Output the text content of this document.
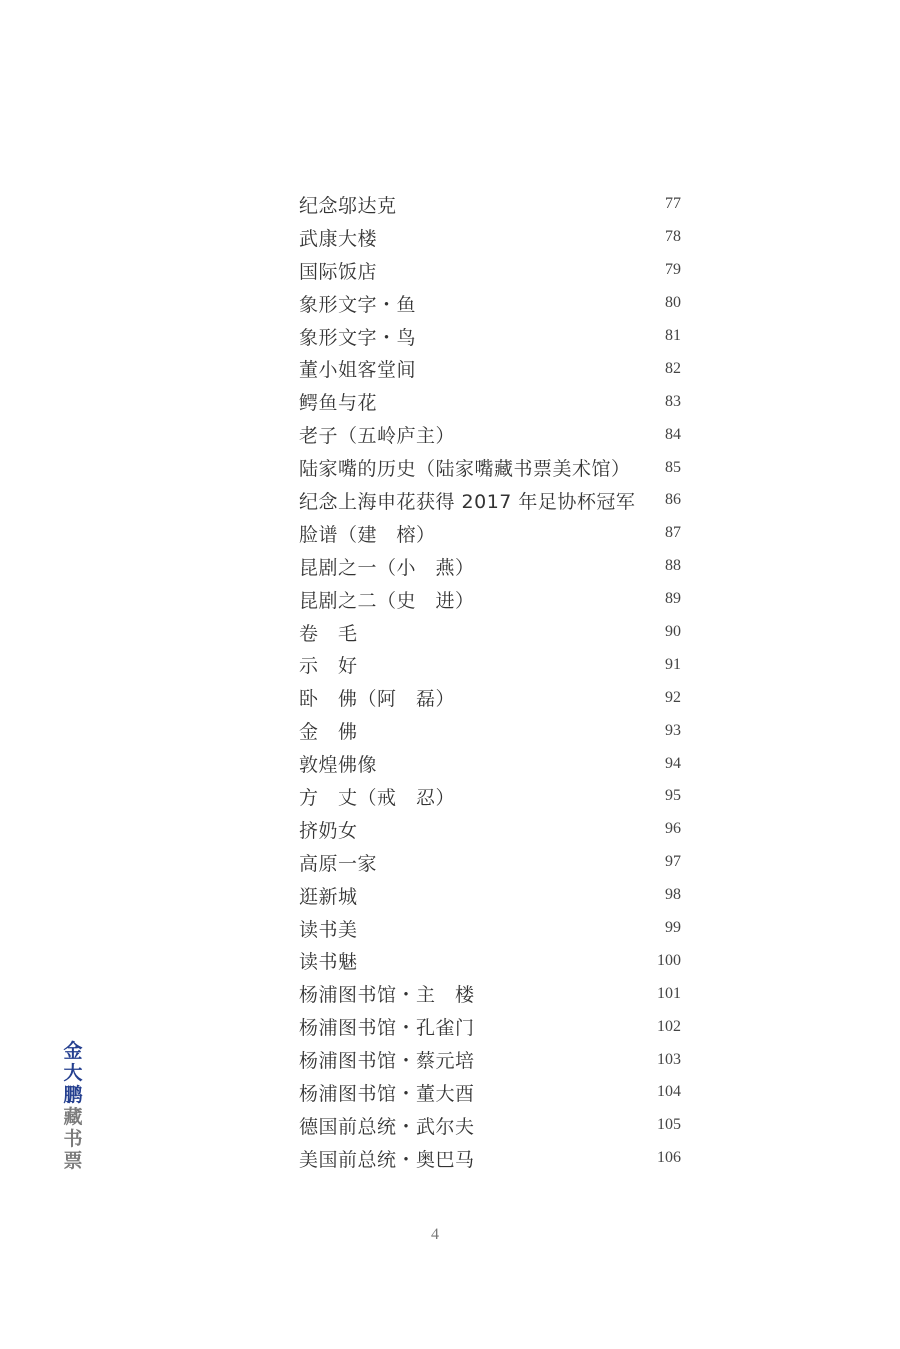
纪念邬达克	77
武康大楼	78
国际饭店	79
象形文字・鱼	80
象形文字・鸟	81
董小姐客堂间	82
鳄鱼与花	83
老子（五岭庐主）	84
陆家嘴的历史（陆家嘴藏书票美术馆） 85
纪念上海申花获得 2017 年足协杯冠军 86
脸谱（建　榕）	87
昆剧之一（小　燕）	88
昆剧之二（史　进）	89
卷　毛	90
示　好	91
卧　佛（阿　磊）	92
金　佛	93
敦煌佛像	94
方　丈（戒　忍）	95
挤奶女	96
高原一家	97
逛新城	98
读书美	99
读书魅	100
杨浦图书馆・主　楼	101
杨浦图书馆・孔雀门	102
杨浦图书馆・蔡元培	103
杨浦图书馆・董大酉	104
德国前总统・武尔夫	105
美国前总统・奥巴马	106
金
大
鹏
藏
书
票
4
